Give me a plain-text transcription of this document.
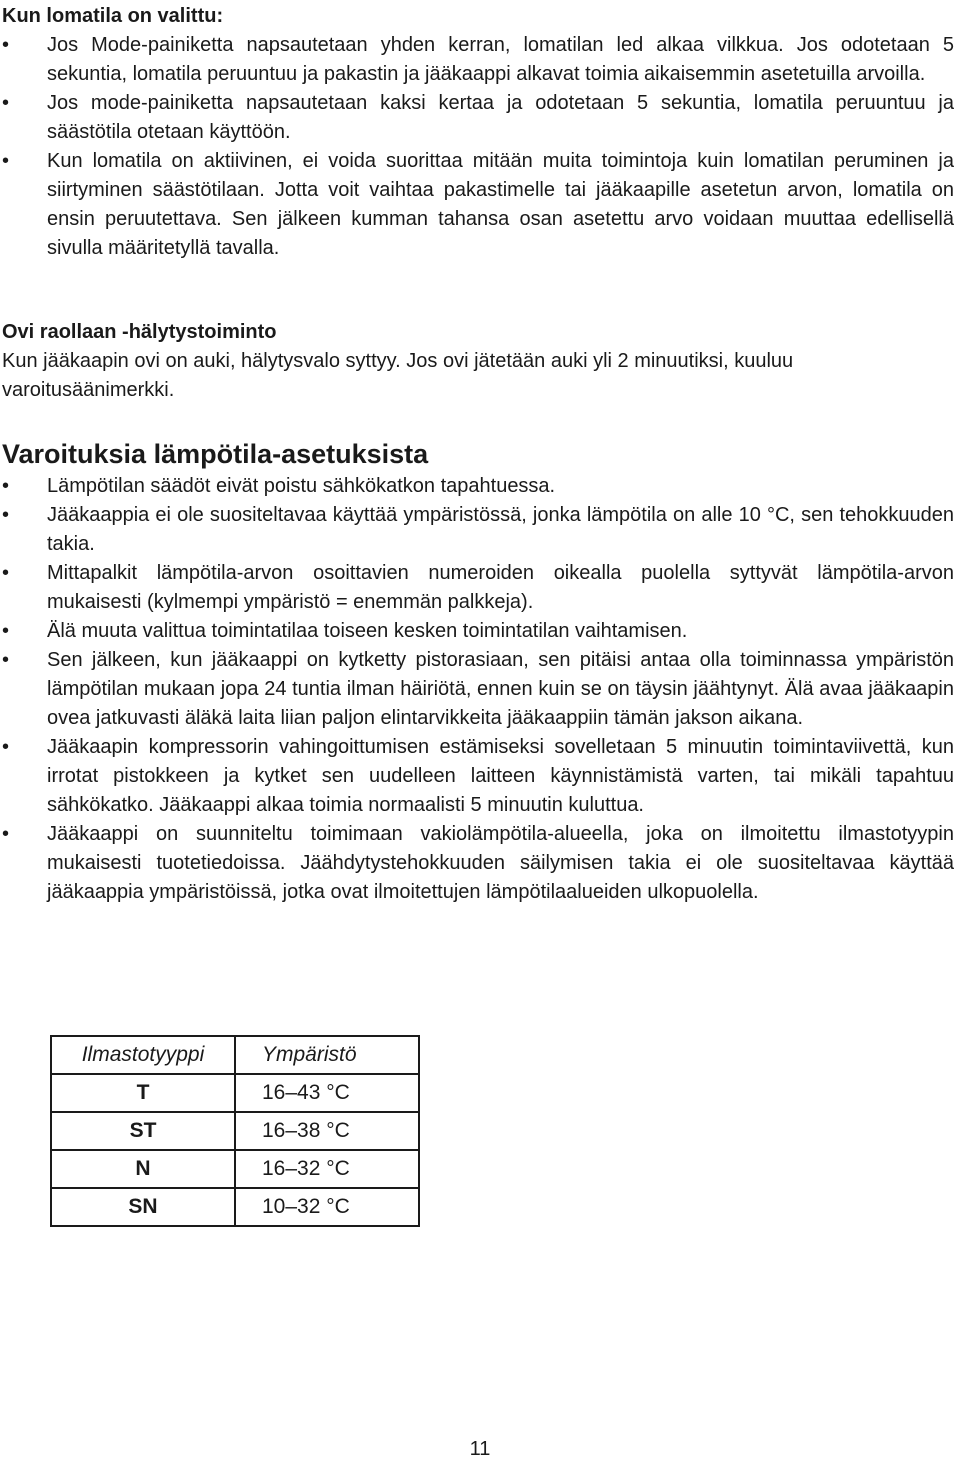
Kun lomatila on valittu:
•	Jos Mode-painiketta napsautetaan yhden kerran, lomatilan led alkaa vilkkua. Jos odotetaan 5 sekuntia, lomatila peruuntuu ja pakastin ja jääkaappi alkavat toimia aikaisemmin asetetuilla arvoilla.
•	Jos mode-painiketta napsautetaan kaksi kertaa ja odotetaan 5 sekuntia, lomatila peruuntuu ja säästötila otetaan käyttöön.
•	Kun lomatila on aktiivinen, ei voida suorittaa mitään muita toimintoja kuin lomatilan peruminen ja siirtyminen säästötilaan. Jotta voit vaihtaa pakastimelle tai jääkaapille asetetun arvon, lomatila on ensin peruutettava. Sen jälkeen kumman tahansa osan asetettu arvo voidaan muuttaa edellisellä sivulla määritetyllä tavalla.
Ovi raollaan -hälytystoiminto

Kun jääkaapin ovi on auki, hälytysvalo syttyy. Jos ovi jätetään auki yli 2 minuutiksi, kuuluu varoitusäänimerkki.

Varoituksia lämpötila-asetuksista
•	Lämpötilan säädöt eivät poistu sähkökatkon tapahtuessa.
•	Jääkaappia ei ole suositeltavaa käyttää ympäristössä, jonka lämpötila on alle 10 °C, sen tehokkuuden takia.
•	Mittapalkit lämpötila-arvon osoittavien numeroiden oikealla puolella syttyvät lämpötila-arvon mukaisesti (kylmempi ympäristö = enemmän palkkeja).
•	Älä muuta valittua toimintatilaa toiseen kesken toimintatilan vaihtamisen.
•	Sen jälkeen, kun jääkaappi on kytketty pistorasiaan, sen pitäisi antaa olla toiminnassa ympäristön lämpötilan mukaan jopa 24 tuntia ilman häiriötä, ennen kuin se on täysin jäähtynyt. Älä avaa jääkaapin ovea jatkuvasti äläkä laita liian paljon elintarvikkeita jääkaappiin tämän jakson aikana.
•	Jääkaapin kompressorin vahingoittumisen estämiseksi sovelletaan 5 minuutin toimintaviivettä, kun irrotat pistokkeen ja kytket sen uudelleen laitteen käynnistämistä varten, tai mikäli tapahtuu sähkökatko. Jääkaappi alkaa toimia normaalisti 5 minuutin kuluttua.
•	Jääkaappi on suunniteltu toimimaan vakiolämpötila-alueella, joka on ilmoitettu ilmastotyypin mukaisesti tuotetiedoissa. Jäähdytystehokkuuden säilymisen takia ei ole suositeltavaa käyttää jääkaappia ympäristöissä, jotka ovat ilmoitettujen lämpötilaalueiden ulkopuolella.
Ilmastotyyppi	Ympäristö
T	16–43 °C
ST	16–38 °C
N	16–32 °C
SN	10–32 °C
11
